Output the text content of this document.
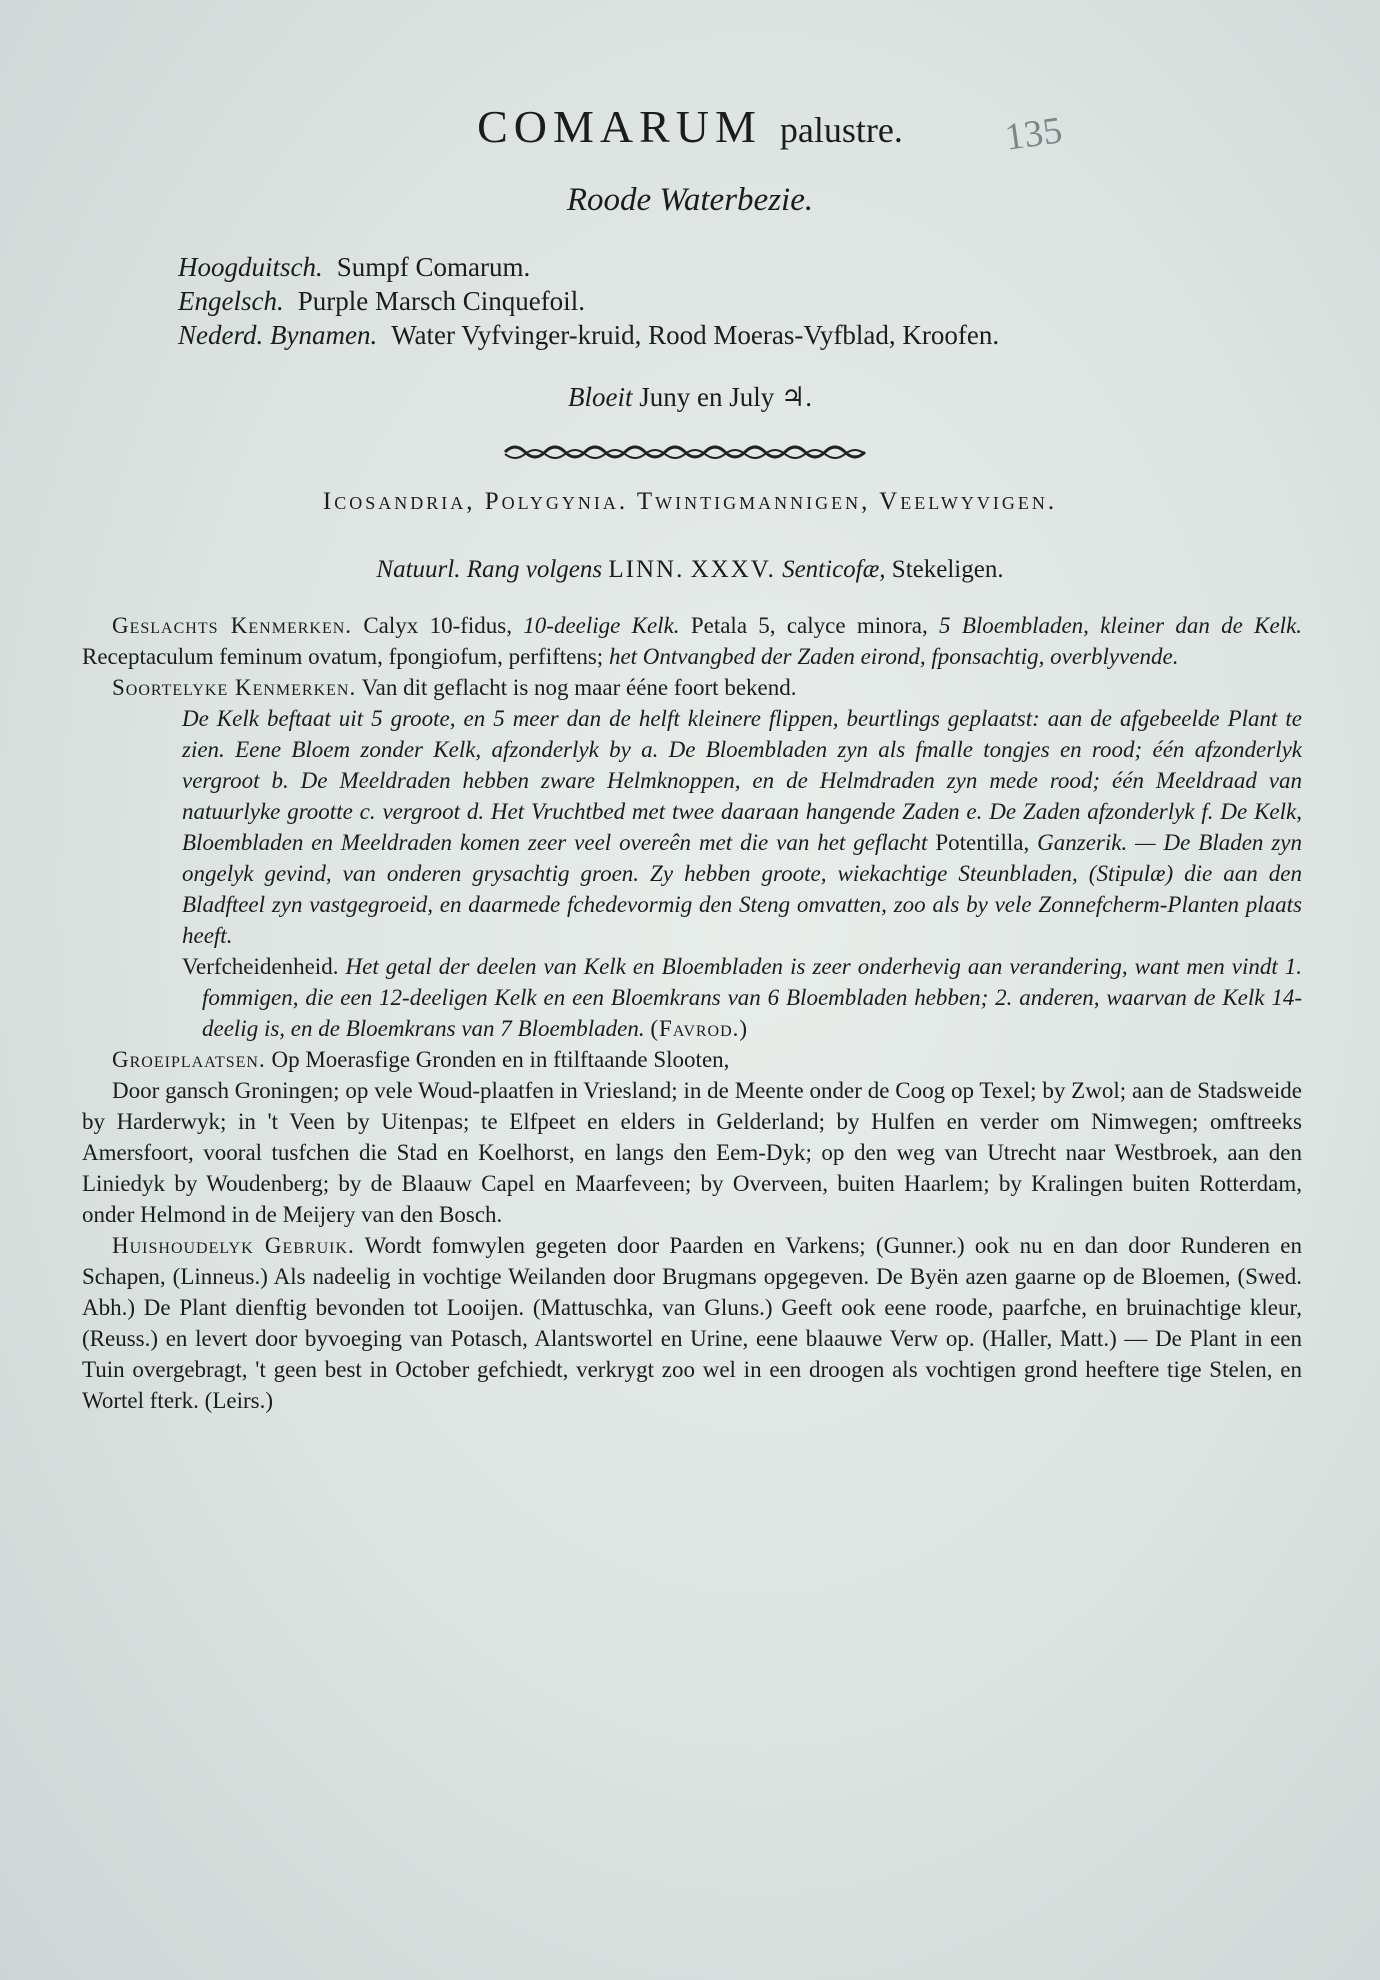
COMARUM palustre.	135
Roode Waterbezie.
Hoogduitsch. Sumpf Comarum.
Engelsch. Purple Marsch Cinquefoil.
Nederd. Bynamen. Water Vyfvinger-kruid, Rood Moeras-Vyfblad, Kroofen.
Bloeit Juny en July ♃.
Icosandria, Polygynia. Twintigmannigen, Veelwyvigen.
Natuurl. Rang volgens LINN. XXXV. Senticofæ, Stekeligen.

Geslachts Kenmerken. Calyx 10-fidus, 10-deelige Kelk. Petala 5, calyce minora, 5 Bloembladen, kleiner dan de Kelk. Receptaculum feminum ovatum, fpongiofum, perfiftens; het Ontvangbed der Zaden eirond, fponsachtig, overblyvende.

Soortelyke Kenmerken. Van dit geflacht is nog maar ééne foort bekend.

De Kelk beftaat uit 5 groote, en 5 meer dan de helft kleinere flippen, beurtlings geplaatst: aan de afgebeelde Plant te zien. Eene Bloem zonder Kelk, afzonderlyk by a. De Bloembladen zyn als fmalle tongjes en rood; één afzonderlyk vergroot b. De Meeldraden hebben zware Helmknoppen, en de Helmdraden zyn mede rood; één Meeldraad van natuurlyke grootte c. vergroot d. Het Vruchtbed met twee daaraan hangende Zaden e. De Zaden afzonderlyk f. De Kelk, Bloembladen en Meeldraden komen zeer veel overeên met die van het geflacht Potentilla, Ganzerik. — De Bladen zyn ongelyk gevind, van onderen grysachtig groen. Zy hebben groote, wiekachtige Steunbladen, (Stipulæ) die aan den Bladfteel zyn vastgegroeid, en daarmede fchedevormig den Steng omvatten, zoo als by vele Zonnefcherm-Planten plaats heeft.

Verfcheidenheid. Het getal der deelen van Kelk en Bloembladen is zeer onderhevig aan verandering, want men vindt 1. fommigen, die een 12-deeligen Kelk en een Bloemkrans van 6 Bloembladen hebben; 2. anderen, waarvan de Kelk 14-deelig is, en de Bloemkrans van 7 Bloembladen. (Favrod.)

Groeiplaatsen. Op Moerasfige Gronden en in ftilftaande Slooten,

Door gansch Groningen; op vele Woud-plaatfen in Vriesland; in de Meente onder de Coog op Texel; by Zwol; aan de Stadsweide by Harderwyk; in 't Veen by Uitenpas; te Elfpeet en elders in Gelderland; by Hulfen en verder om Nimwegen; omftreeks Amersfoort, vooral tusfchen die Stad en Koelhorst, en langs den Eem-Dyk; op den weg van Utrecht naar Westbroek, aan den Liniedyk by Woudenberg; by de Blaauw Capel en Maarfeveen; by Overveen, buiten Haarlem; by Kralingen buiten Rotterdam, onder Helmond in de Meijery van den Bosch.

Huishoudelyk Gebruik. Wordt fomwylen gegeten door Paarden en Varkens; (Gunner.) ook nu en dan door Runderen en Schapen, (Linneus.) Als nadeelig in vochtige Weilanden door Brugmans opgegeven. De Byën azen gaarne op de Bloemen, (Swed. Abh.) De Plant dienftig bevonden tot Looijen. (Mattuschka, van Gluns.) Geeft ook eene roode, paarfche, en bruinachtige kleur, (Reuss.) en levert door byvoeging van Potasch, Alantswortel en Urine, eene blaauwe Verw op. (Haller, Matt.) — De Plant in een Tuin overgebragt, 't geen best in October gefchiedt, verkrygt zoo wel in een droogen als vochtigen grond heeftere tige Stelen, en Wortel fterk. (Leirs.)
